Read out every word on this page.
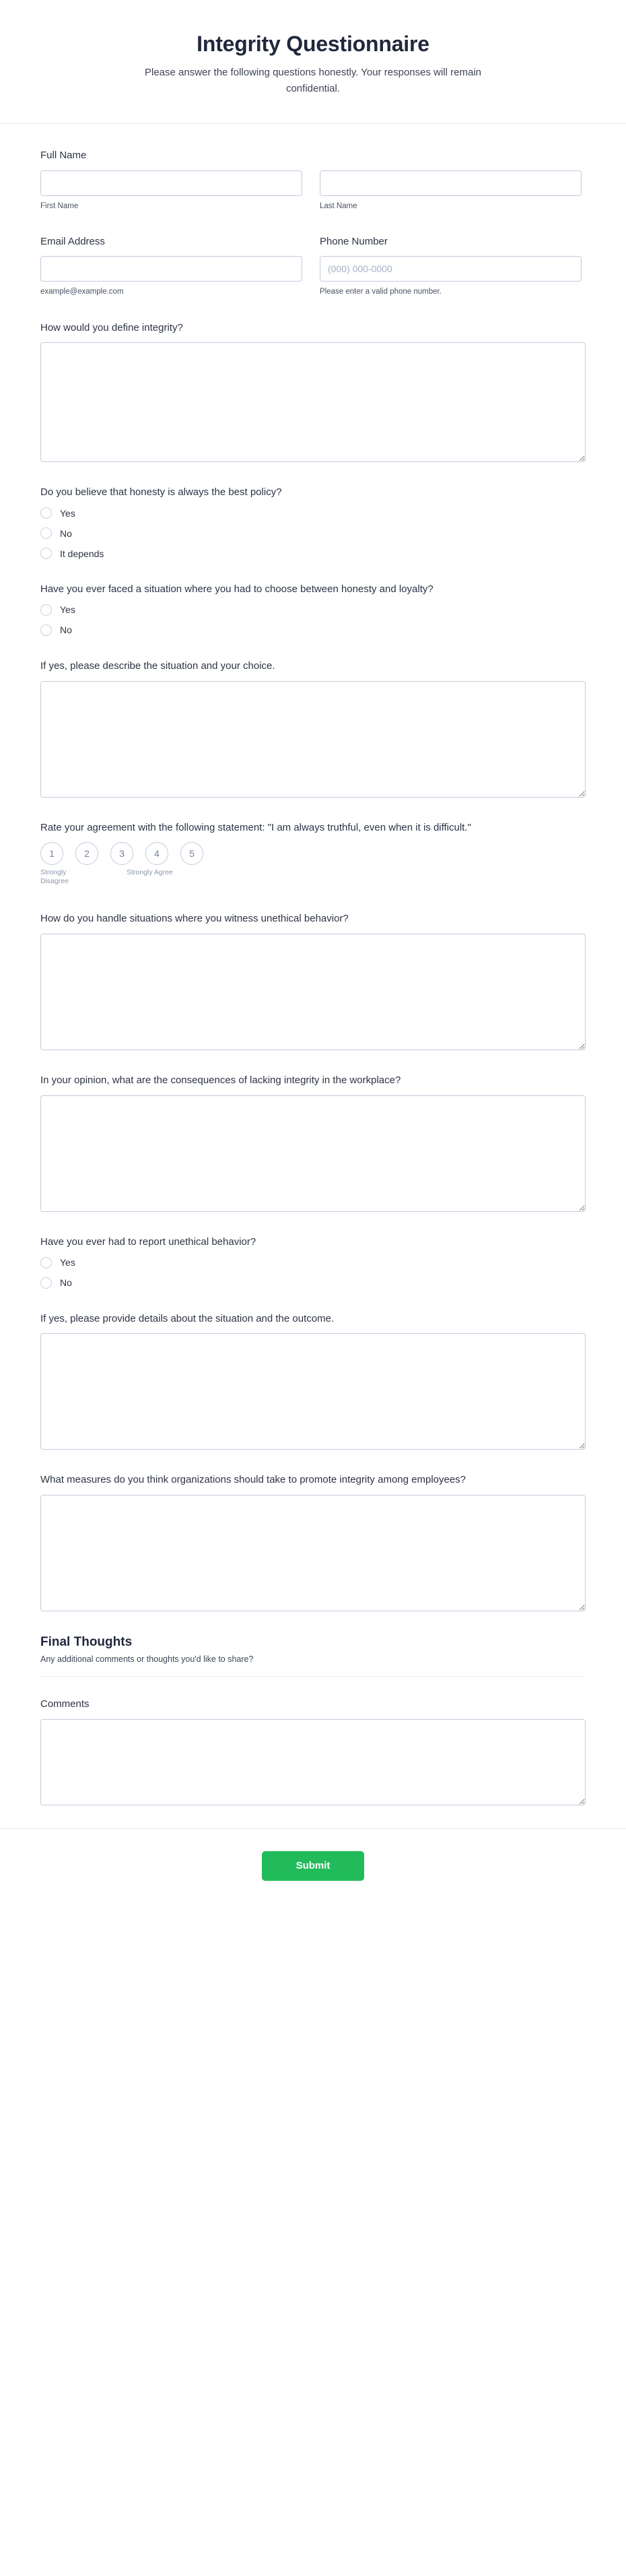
Integrity Questionnaire

Please answer the following questions honestly. Your responses will remain confidential.

Full Name
First Name	Last Name
Email Address
example@example.com
Phone Number
(000) 000-0000
Please enter a valid phone number.
How would you define integrity?
Do you believe that honesty is always the best policy?
Yes
No
It depends
Have you ever faced a situation where you had to choose between honesty and loyalty?
Yes
No
If yes, please describe the situation and your choice.
Rate your agreement with the following statement: "I am always truthful, even when it is difficult."
1	2	3	4	5
Strongly Disagree
Strongly Agree
How do you handle situations where you witness unethical behavior?
In your opinion, what are the consequences of lacking integrity in the workplace?
Have you ever had to report unethical behavior?
Yes
No
If yes, please provide details about the situation and the outcome.
What measures do you think organizations should take to promote integrity among employees?
Final Thoughts

Any additional comments or thoughts you'd like to share?

Comments
Submit
